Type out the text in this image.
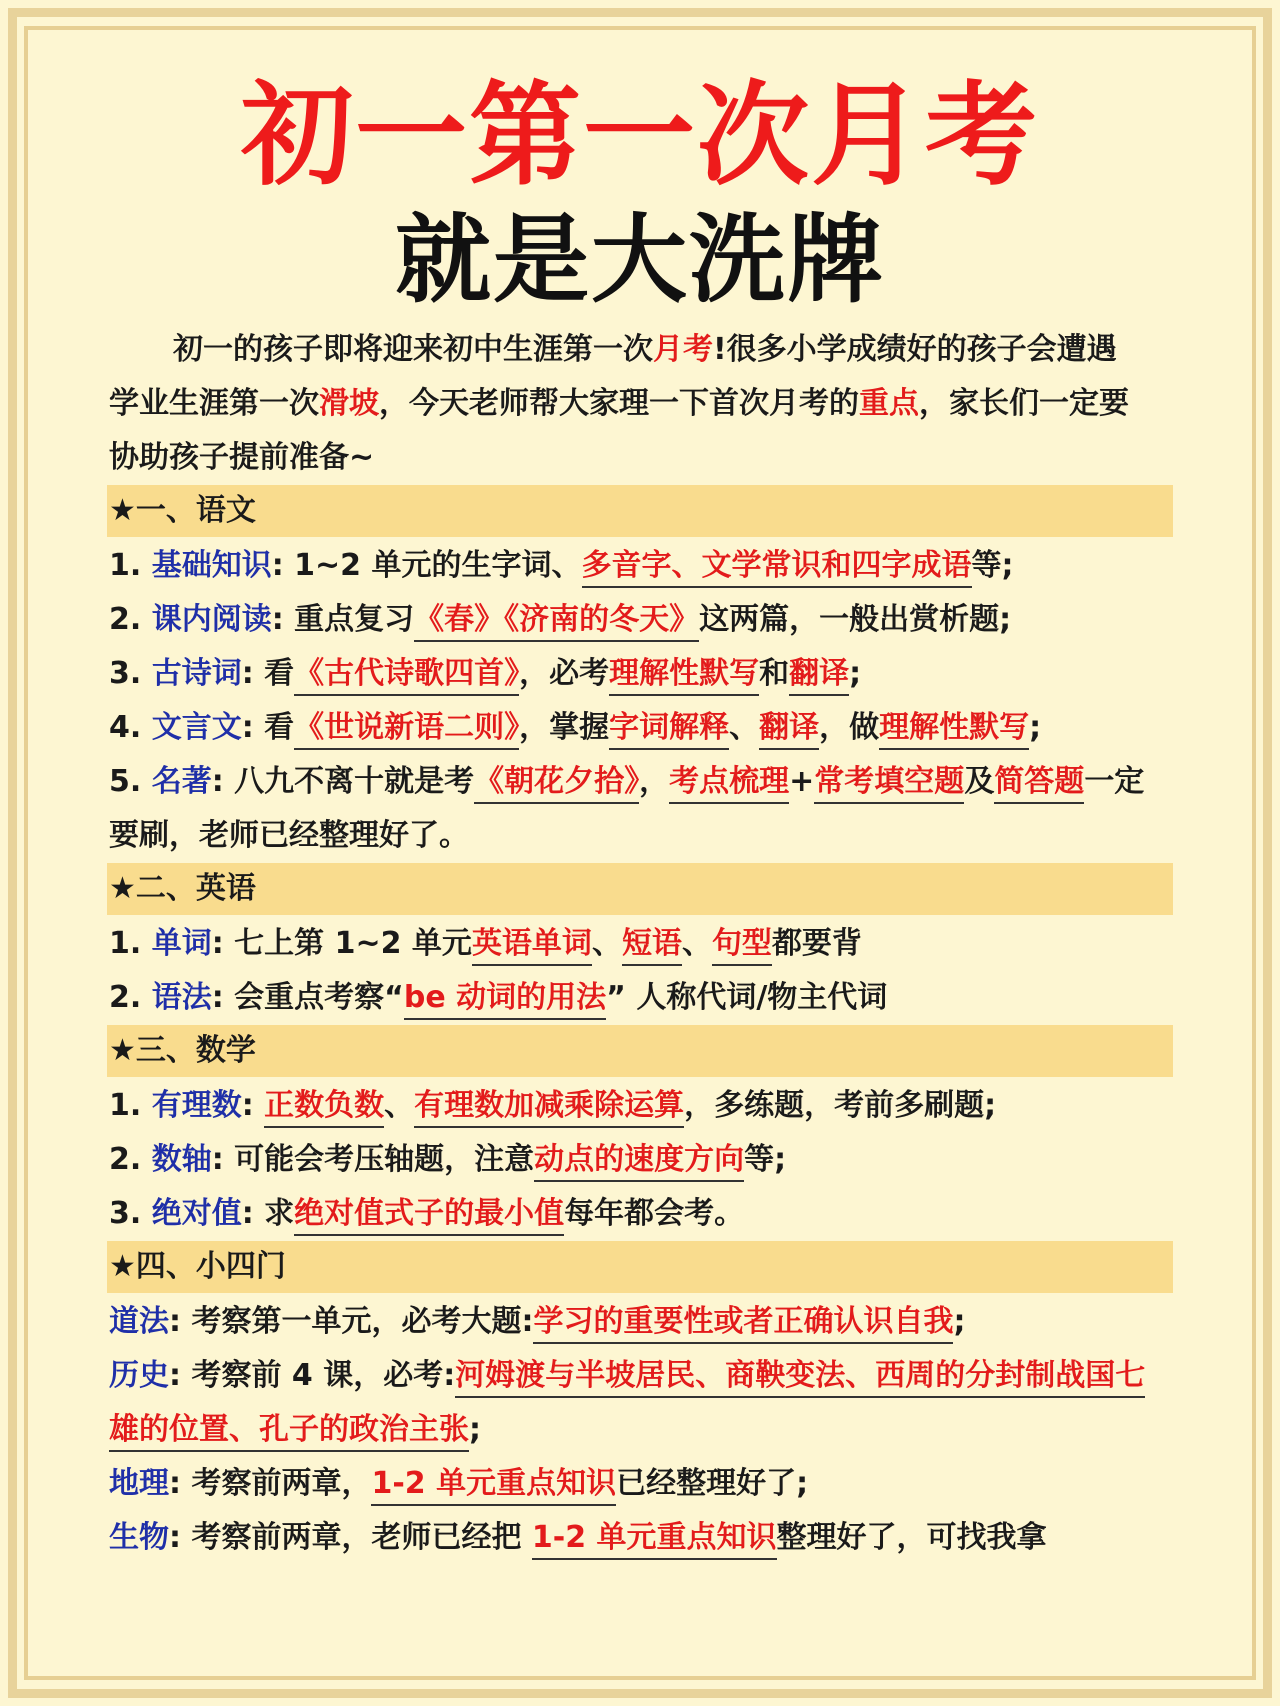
初一第一次月考
就是大洗牌
初一的孩子即将迎来初中生涯第一次月考!很多小学成绩好的孩子会遭遇
学业生涯第一次滑坡，今天老师帮大家理一下首次月考的重点，家长们一定要
协助孩子提前准备~
★一、语文
1. 基础知识: 1~2 单元的生字词、多音字、文学常识和四字成语等;
2. 课内阅读: 重点复习《春》《济南的冬天》这两篇，一般出赏析题;
3. 古诗词: 看《古代诗歌四首》，必考理解性默写和翻译;
4. 文言文: 看《世说新语二则》，掌握字词解释、翻译，做理解性默写;
5. 名著: 八九不离十就是考《朝花夕拾》，考点梳理+常考填空题及简答题一定
要刷，老师已经整理好了。
★二、英语
1. 单词: 七上第 1~2 单元英语单词、短语、句型都要背
2. 语法: 会重点考察“be 动词的用法” 人称代词/物主代词
★三、数学
1. 有理数: 正数负数、有理数加减乘除运算，多练题，考前多刷题;
2. 数轴: 可能会考压轴题，注意动点的速度方向等;
3. 绝对值: 求绝对值式子的最小值每年都会考。
★四、小四门
道法: 考察第一单元，必考大题:学习的重要性或者正确认识自我;
历史: 考察前 4 课，必考:河姆渡与半坡居民、商鞅变法、西周的分封制战国七
雄的位置、孔子的政治主张;
地理: 考察前两章，1-2 单元重点知识已经整理好了;
生物: 考察前两章，老师已经把 1-2 单元重点知识整理好了，可找我拿
